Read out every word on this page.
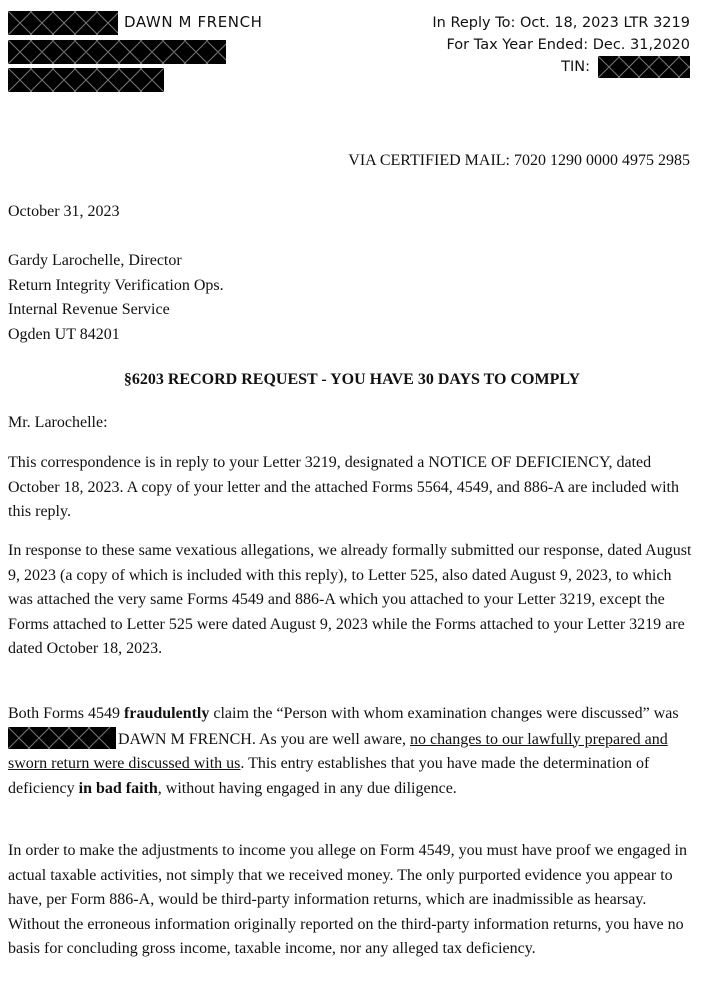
DAWN M FRENCH	In Reply To: Oct. 18, 2023 LTR 3219
For Tax Year Ended: Dec. 31,2020
TIN:
VIA CERTIFIED MAIL: 7020 1290 0000 4975 2985
October 31, 2023
Gardy Larochelle, Director
Return Integrity Verification Ops.
Internal Revenue Service
Ogden UT 84201
§6203 RECORD REQUEST - YOU HAVE 30 DAYS TO COMPLY
Mr. Larochelle:
This correspondence is in reply to your Letter 3219, designated a NOTICE OF DEFICIENCY, dated October 18, 2023. A copy of your letter and the attached Forms 5564, 4549, and 886-A are included with this reply.
In response to these same vexatious allegations, we already formally submitted our response, dated August 9, 2023 (a copy of which is included with this reply), to Letter 525, also dated August 9, 2023, to which was attached the very same Forms 4549 and 886-A which you attached to your Letter 3219, except the Forms attached to Letter 525 were dated August 9, 2023 while the Forms attached to your Letter 3219 are dated October 18, 2023.
Both Forms 4549 fraudulently claim the “Person with whom examination changes were discussed” was
DAWN M FRENCH. As you are well aware, no changes to our lawfully prepared and sworn return were discussed with us. This entry establishes that you have made the determination of deficiency in bad faith, without having engaged in any due diligence.
In order to make the adjustments to income you allege on Form 4549, you must have proof we engaged in actual taxable activities, not simply that we received money. The only purported evidence you appear to have, per Form 886-A, would be third-party information returns, which are inadmissible as hearsay. Without the erroneous information originally reported on the third-party information returns, you have no basis for concluding gross income, taxable income, nor any alleged tax deficiency.
